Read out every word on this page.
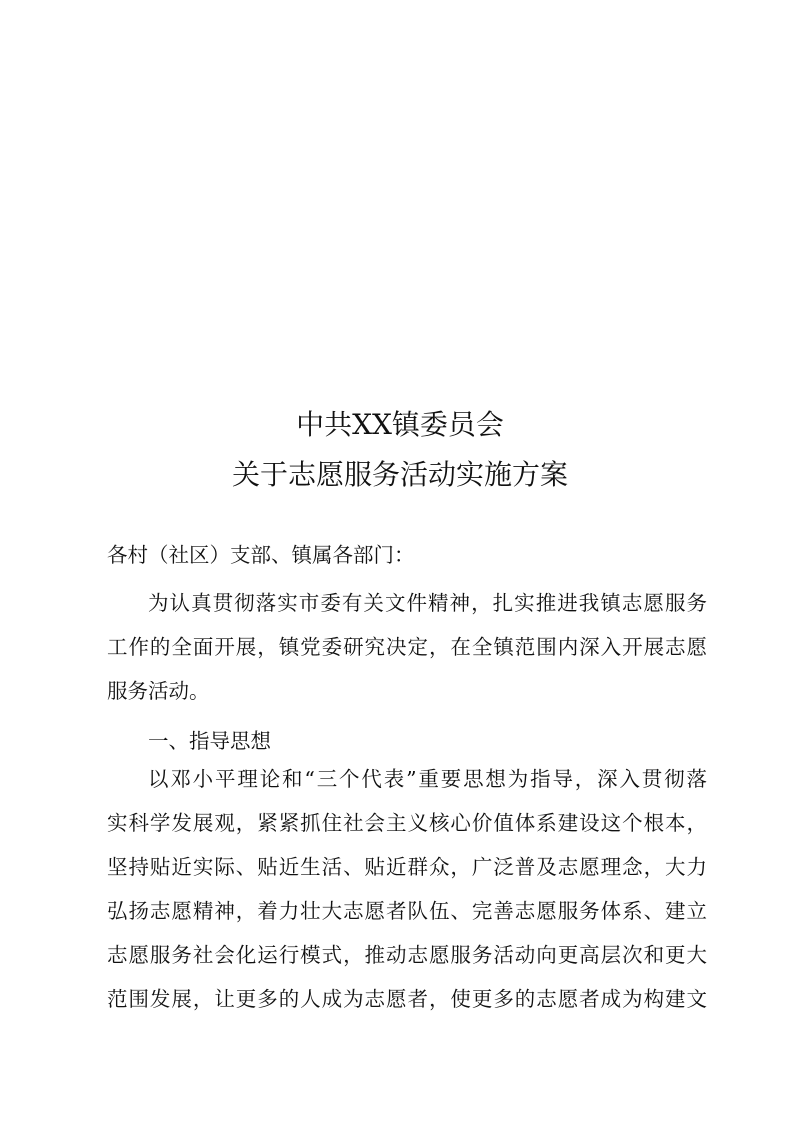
中共XX镇委员会
关于志愿服务活动实施方案
各村（社区）支部、镇属各部门：
为认真贯彻落实市委有关文件精神，扎实推进我镇志愿服务
工作的全面开展，镇党委研究决定，在全镇范围内深入开展志愿
服务活动。
一、指导思想
以邓小平理论和“三个代表”重要思想为指导，深入贯彻落
实科学发展观，紧紧抓住社会主义核心价值体系建设这个根本，
坚持贴近实际、贴近生活、贴近群众，广泛普及志愿理念，大力
弘扬志愿精神，着力壮大志愿者队伍、完善志愿服务体系、建立
志愿服务社会化运行模式，推动志愿服务活动向更高层次和更大
范围发展，让更多的人成为志愿者，使更多的志愿者成为构建文
